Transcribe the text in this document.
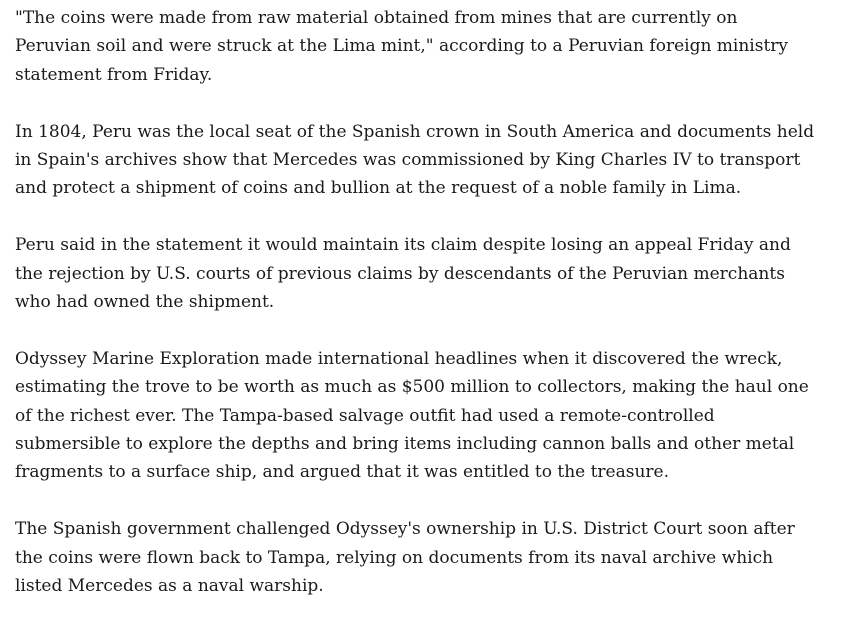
"The coins were made from raw material obtained from mines that are currently on
Peruvian soil and were struck at the Lima mint," according to a Peruvian foreign ministry
statement from Friday.

In 1804, Peru was the local seat of the Spanish crown in South America and documents held
in Spain's archives show that Mercedes was commissioned by King Charles IV to transport
and protect a shipment of coins and bullion at the request of a noble family in Lima.

Peru said in the statement it would maintain its claim despite losing an appeal Friday and
the rejection by U.S. courts of previous claims by descendants of the Peruvian merchants
who had owned the shipment.

Odyssey Marine Exploration made international headlines when it discovered the wreck,
estimating the trove to be worth as much as $500 million to collectors, making the haul one
of the richest ever. The Tampa-based salvage outfit had used a remote-controlled
submersible to explore the depths and bring items including cannon balls and other metal
fragments to a surface ship, and argued that it was entitled to the treasure.

The Spanish government challenged Odyssey's ownership in U.S. District Court soon after
the coins were flown back to Tampa, relying on documents from its naval archive which
listed Mercedes as a naval warship.
